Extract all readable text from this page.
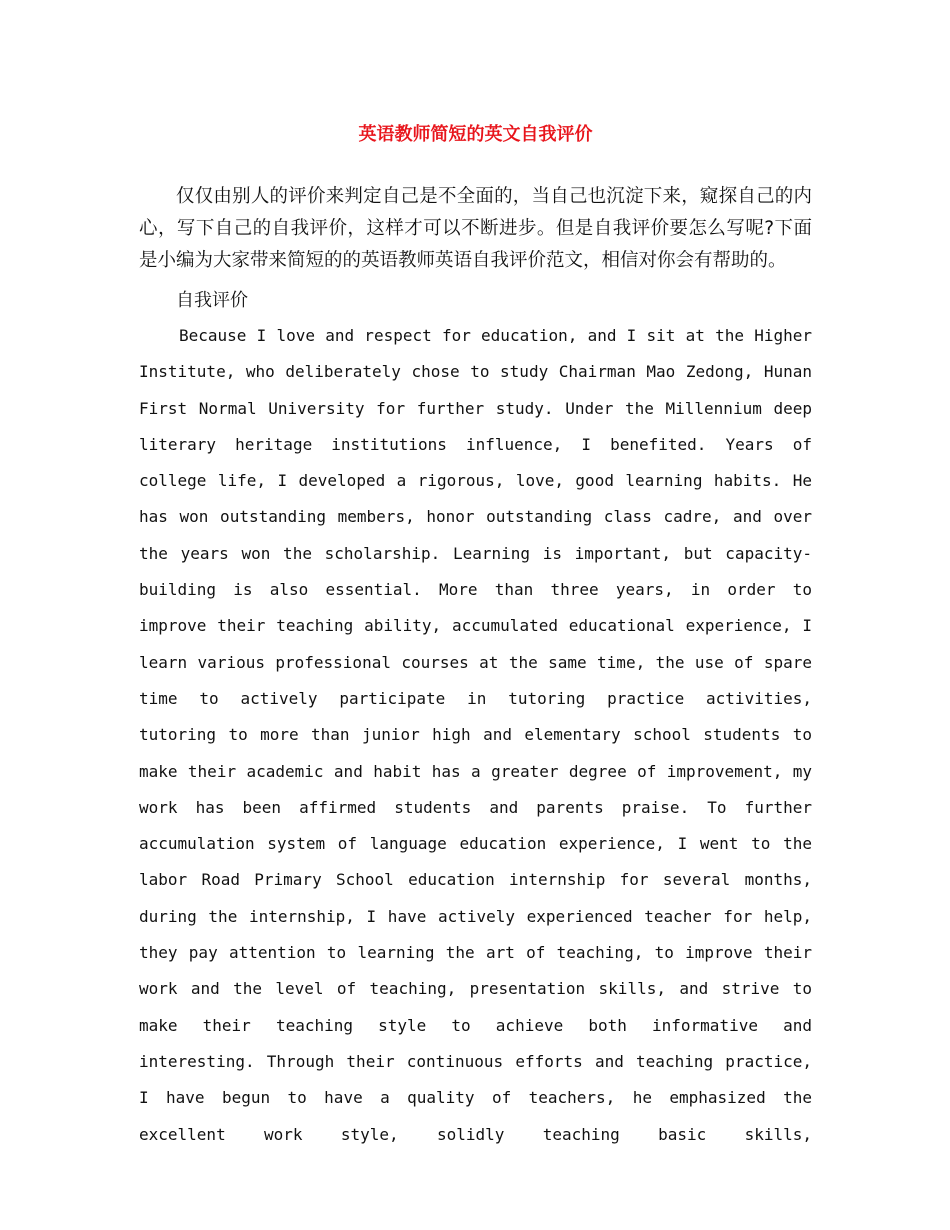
英语教师简短的英文自我评价

仅仅由别人的评价来判定自己是不全面的，当自己也沉淀下来，窥探自己的内心，写下自己的自我评价，这样才可以不断进步。但是自我评价要怎么写呢?下面是小编为大家带来简短的的英语教师英语自我评价范文，相信对你会有帮助的。

自我评价

Because I love and respect for education, and I sit at the Higher Institute, who deliberately chose to study Chairman Mao Zedong, Hunan First Normal University for further study. Under the Millennium deep literary heritage institutions influence, I benefited. Years of college life, I developed a rigorous, love, good learning habits. He has won outstanding members, honor outstanding class cadre, and over the years won the scholarship. Learning is important, but capacity-building is also essential. More than three years, in order to improve their teaching ability, accumulated educational experience, I learn various professional courses at the same time, the use of spare time to actively participate in tutoring practice activities, tutoring to more than junior high and elementary school students to make their academic and habit has a greater degree of improvement, my work has been affirmed students and parents praise. To further accumulation system of language education experience, I went to the labor Road Primary School education internship for several months, during the internship, I have actively experienced teacher for help, they pay attention to learning the art of teaching, to improve their work and the level of teaching, presentation skills, and strive to make their teaching style to achieve both informative and interesting. Through their continuous efforts and teaching practice, I have begun to have a quality of teachers, he emphasized the excellent work style, solidly teaching basic skills,
